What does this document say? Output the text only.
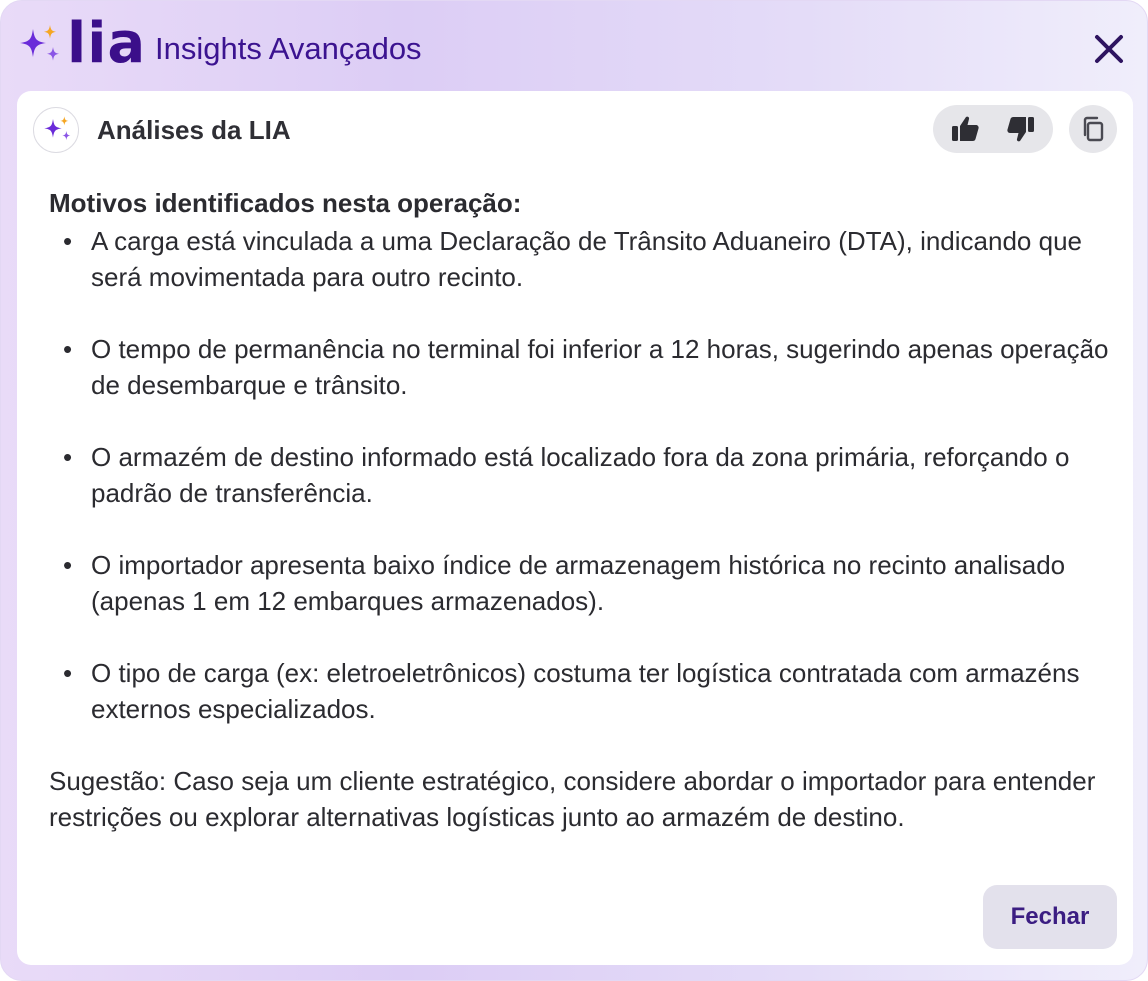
lia Insights Avançados
Análises da LIA

Motivos identificados nesta operação:

• A carga está vinculada a uma Declaração de Trânsito Aduaneiro (DTA), indicando que será movimentada para outro recinto.
• O tempo de permanência no terminal foi inferior a 12 horas, sugerindo apenas operação de desembarque e trânsito.
• O armazém de destino informado está localizado fora da zona primária, reforçando o padrão de transferência.
• O importador apresenta baixo índice de armazenagem histórica no recinto analisado (apenas 1 em 12 embarques armazenados).
• O tipo de carga (ex: eletroeletrônicos) costuma ter logística contratada com armazéns externos especializados.

Sugestão: Caso seja um cliente estratégico, considere abordar o importador para entender restrições ou explorar alternativas logísticas junto ao armazém de destino.

Fechar
